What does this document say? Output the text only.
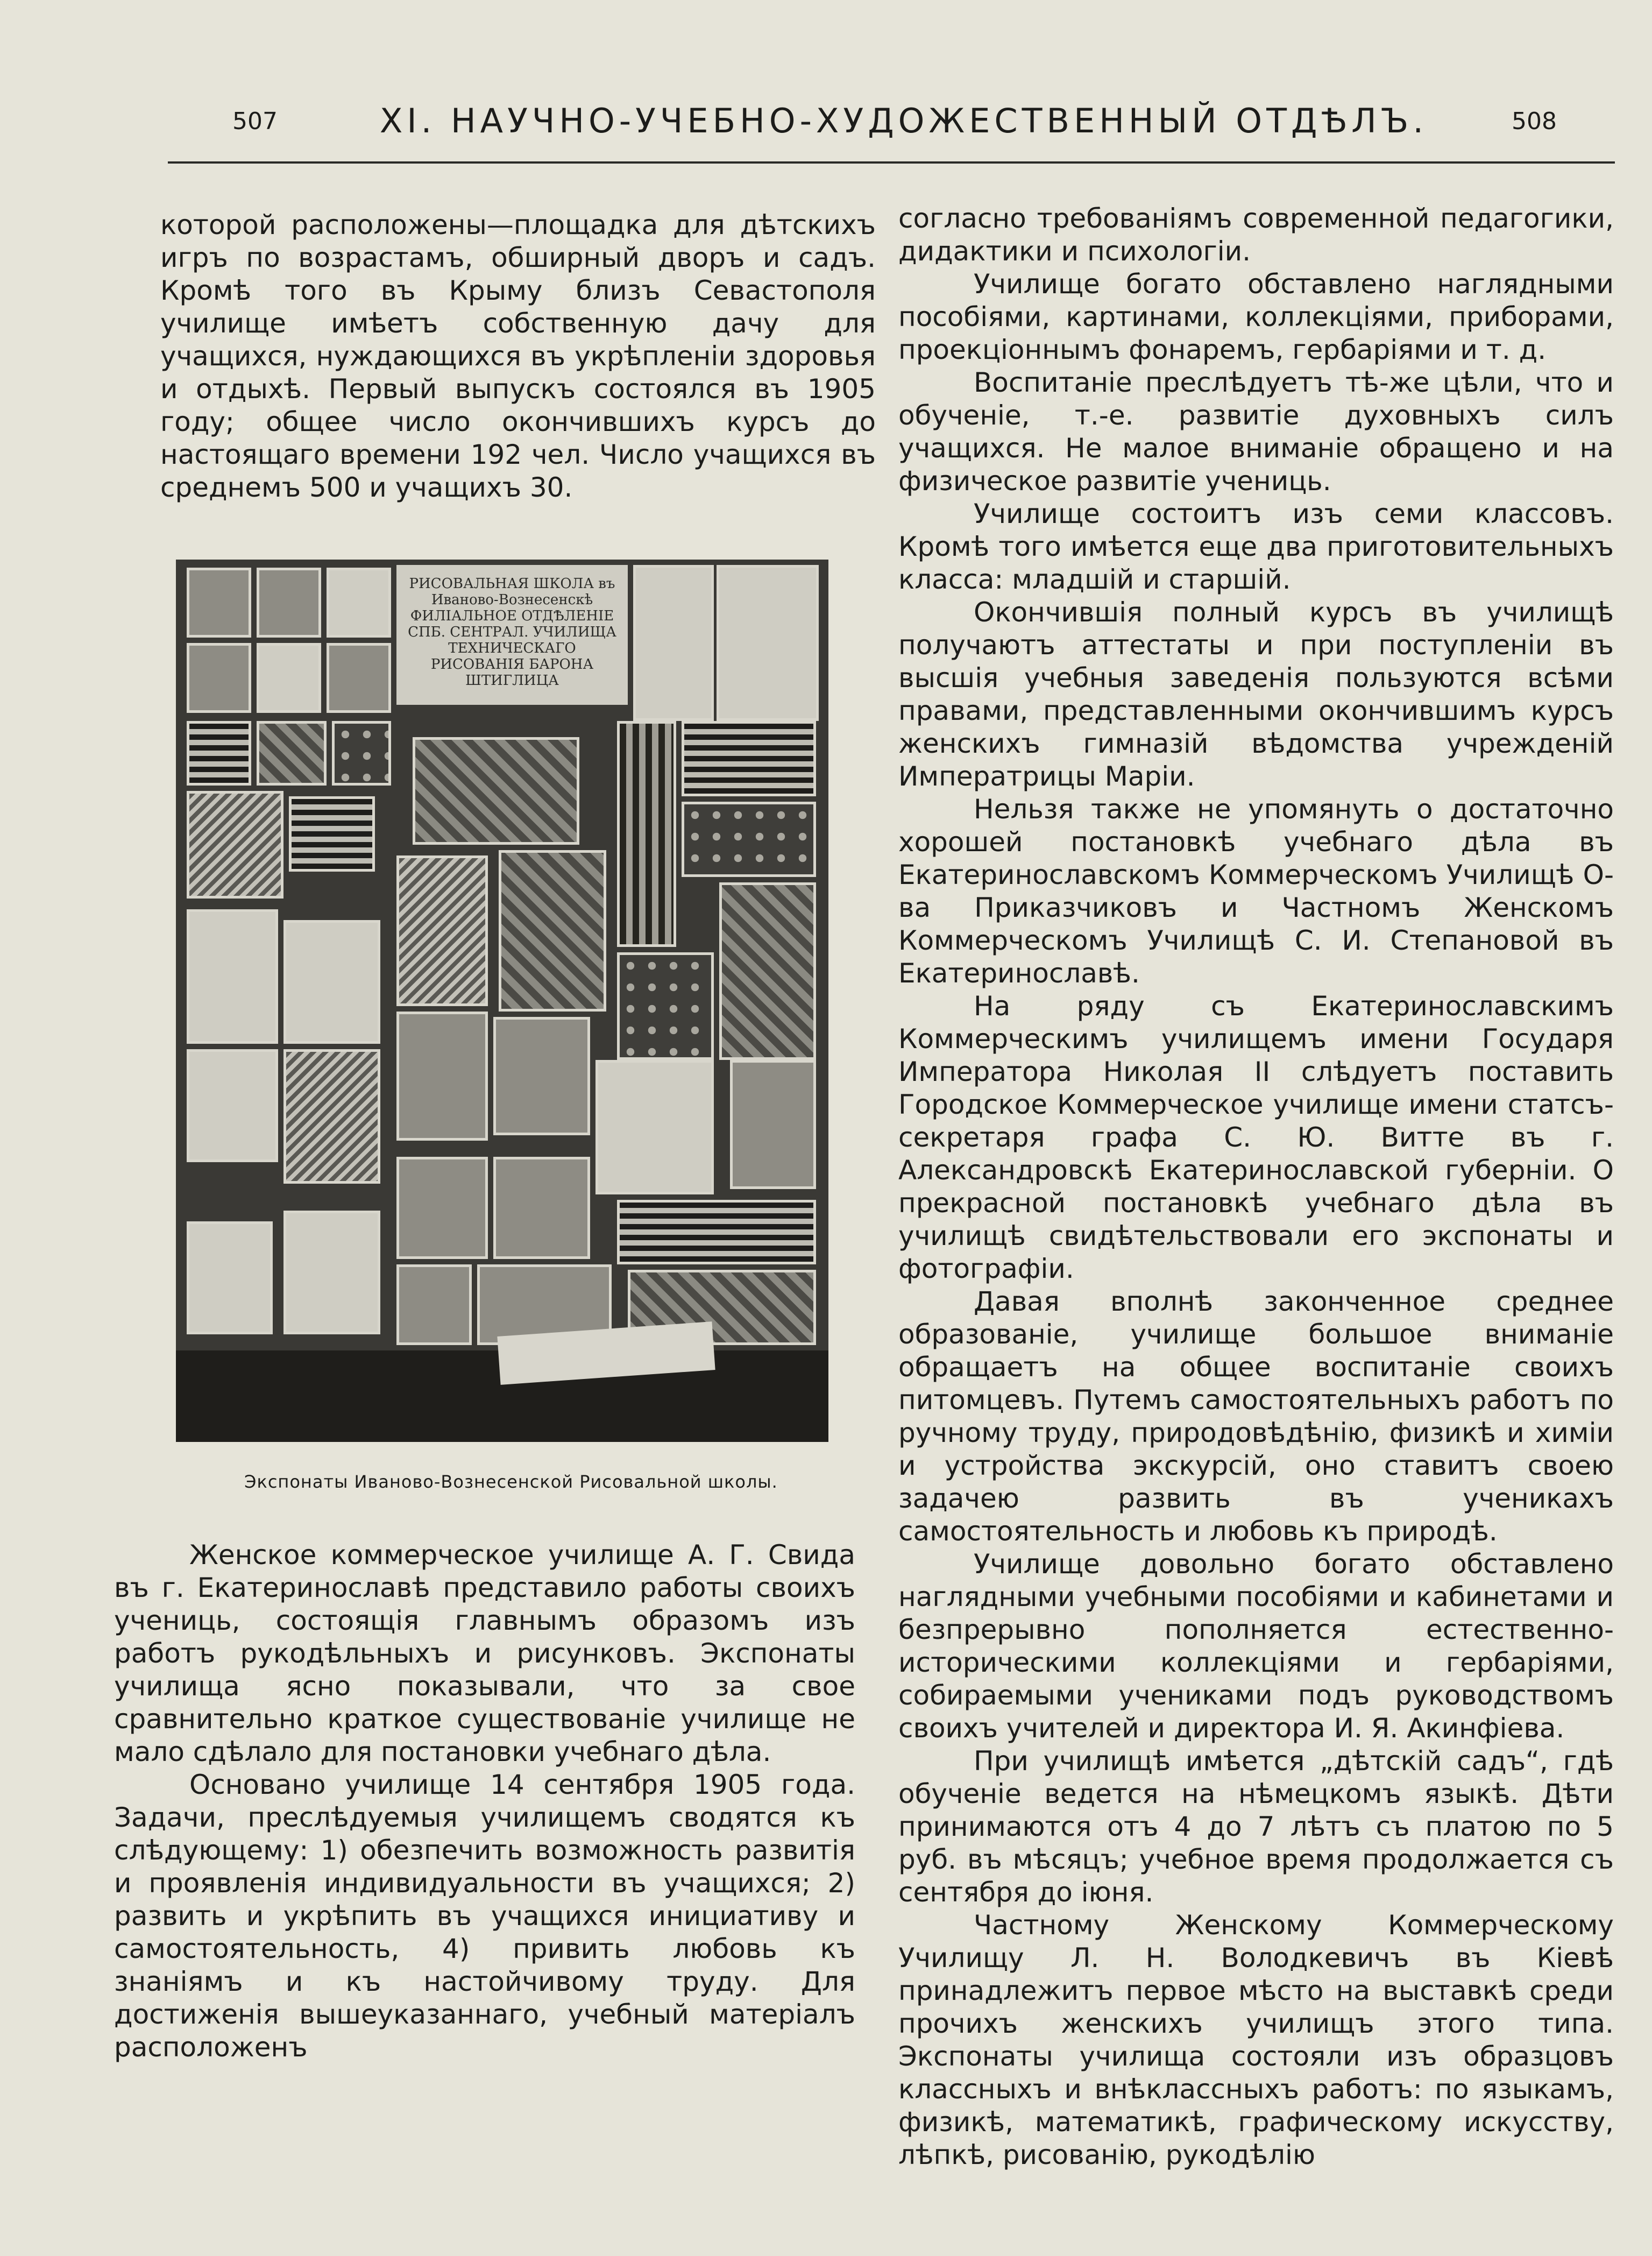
507	XI. НАУЧНО-УЧЕБНО-ХУДОЖЕСТВЕННЫЙ ОТДѢЛЪ.	508

которой расположены—площадка для дѣтскихъ игръ по возрастамъ, обширный дворъ и садъ. Кромѣ того въ Крыму близъ Севастополя училище имѣетъ собственную дачу для учащихся, нуждающихся въ укрѣпленіи здоровья и отдыхѣ. Первый выпускъ состоялся въ 1905 году; общее число окончившихъ курсъ до настоящаго времени 192 чел. Число учащихся въ среднемъ 500 и учащихъ 30.

РИСОВАЛЬНАЯ ШКОЛА въ Иваново-Вознесенскѣ ФИЛІАЛЬНОЕ ОТДѢЛЕНІЕ СПБ. СЕНТРАЛ. УЧИЛИЩА ТЕХНИЧЕСКАГО РИСОВАНІЯ БАРОНА ШТИГЛИЦА
Экспонаты Иваново-Вознесенской Рисовальной школы.

Женское коммерческое училище А. Г. Свида въ г. Екатеринославѣ представило работы своихъ учениць, состоящія главнымъ образомъ изъ работъ рукодѣльныхъ и рисунковъ. Экспонаты училища ясно показывали, что за свое сравнительно краткое существованіе училище не мало сдѣлало для постановки учебнаго дѣла.

Основано училище 14 сентября 1905 года. Задачи, преслѣдуемыя училищемъ сводятся къ слѣдующему: 1) обезпечить возможность развитія и проявленія индивидуальности въ учащихся; 2) развить и укрѣпить въ учащихся инициативу и самостоятельность, 4) привить любовь къ знаніямъ и къ настойчивому труду. Для достиженія вышеуказаннаго, учебный матеріалъ расположенъ

согласно требованіямъ современной педагогики, дидактики и психологіи.

Училище богато обставлено наглядными пособіями, картинами, коллекціями, приборами, проекціоннымъ фонаремъ, гербаріями и т. д.

Воспитаніе преслѣдуетъ тѣ-же цѣли, что и обученіе, т.-е. развитіе духовныхъ силъ учащихся. Не малое вниманіе обращено и на физическое развитіе учениць.

Училище состоитъ изъ семи классовъ. Кромѣ того имѣется еще два приготовительныхъ класса: младшій и старшій.

Окончившія полный курсъ въ училищѣ получаютъ аттестаты и при поступленіи въ высшія учебныя заведенія пользуются всѣми правами, представленными окончившимъ курсъ женскихъ гимназій вѣдомства учрежденій Императрицы Маріи.

Нельзя также не упомянуть о достаточно хорошей постановкѣ учебнаго дѣла въ Екатеринославскомъ Коммерческомъ Училищѣ О-ва Приказчиковъ и Частномъ Женскомъ Коммерческомъ Училищѣ С. И. Степановой въ Екатеринославѣ.

На ряду съ Екатеринославскимъ Коммерческимъ училищемъ имени Государя Императора Николая II слѣдуетъ поставить Городское Коммерческое училище имени статсъ-секретаря графа С. Ю. Витте въ г. Александровскѣ Екатеринославской губерніи. О прекрасной постановкѣ учебнаго дѣла въ училищѣ свидѣтельствовали его экспонаты и фотографіи.

Давая вполнѣ законченное среднее образованіе, училище большое вниманіе обращаетъ на общее воспитаніе своихъ питомцевъ. Путемъ самостоятельныхъ работъ по ручному труду, природовѣдѣнію, физикѣ и химіи и устройства экскурсій, оно ставитъ своею задачею развить въ ученикахъ самостоятельность и любовь къ природѣ.

Училище довольно богато обставлено наглядными учебными пособіями и кабинетами и безпрерывно пополняется естественно-историческими коллекціями и гербаріями, собираемыми учениками подъ руководствомъ своихъ учителей и директора И. Я. Акинфіева.

При училищѣ имѣется „дѣтскій садъ“, гдѣ обученіе ведется на нѣмецкомъ языкѣ. Дѣти принимаются отъ 4 до 7 лѣтъ съ платою по 5 руб. въ мѣсяцъ; учебное время продолжается съ сентября до іюня.

Частному Женскому Коммерческому Училищу Л. Н. Володкевичъ въ Кіевѣ принадлежитъ первое мѣсто на выставкѣ среди прочихъ женскихъ училищъ этого типа. Экспонаты училища состояли изъ образцовъ классныхъ и внѣклассныхъ работъ: по языкамъ, физикѣ, математикѣ, графическому искусству, лѣпкѣ, рисованію, рукодѣлію
